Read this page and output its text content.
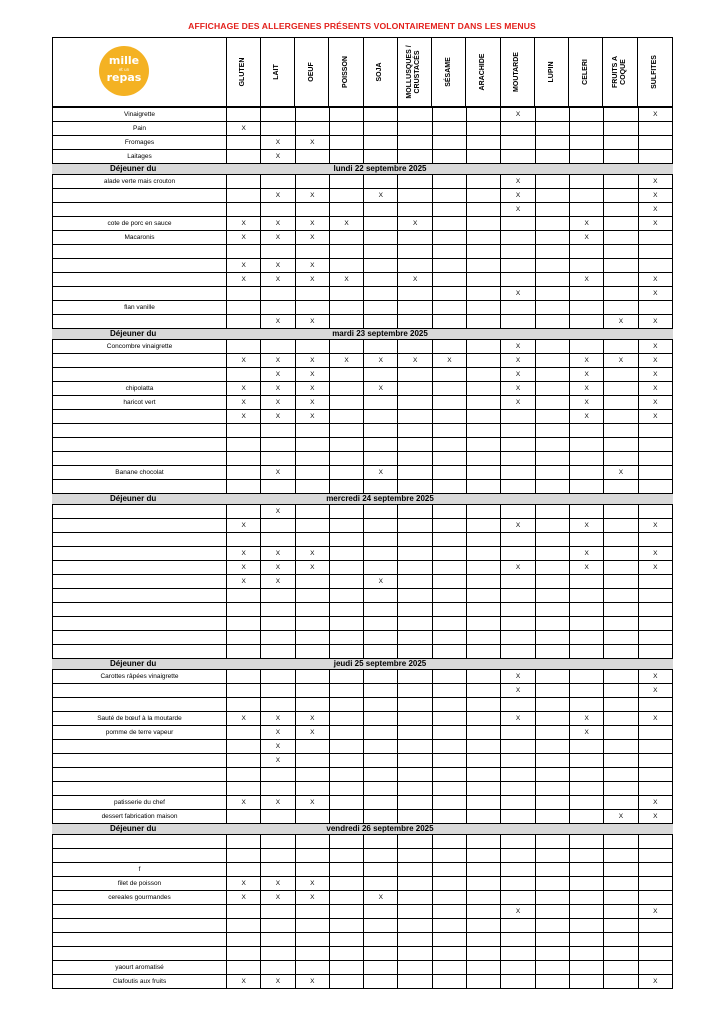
AFFICHAGE DES ALLERGENES PRÉSENTS VOLONTAIREMENT DANS LES MENUS
mille
et un
repas	GLUTEN	LAIT	OEUF	POISSON	SOJA	MOLLUSQUES /
CRUSTACÉS	SÉSAME	ARACHIDE	MOUTARDE	LUPIN	CELERI	FRUITS A
COQUE	SULFITES
Vinaigrette									X				X
Pain	X												
Fromages		X	X										
Laitages		X											
Déjeuner du	lundi 22 septembre 2025
alade verte mais crouton									X				X
		X	X		X				X				X
									X				X
cote de porc en sauce	X	X	X	X		X					X		X
Macaronis	X	X	X								X		

	X	X	X										
	X	X	X	X		X					X		X
									X				X
flan vanille													
		X	X									X	X
Déjeuner du	mardi 23 septembre 2025
Concombre vinaigrette									X				X
	X	X	X	X	X	X	X		X		X	X	X
		X	X						X		X		X
chipolatta	X	X	X		X				X		X		X
haricot vert	X	X	X						X		X		X
	X	X	X								X		X

Banane chocolat		X			X							X	

Déjeuner du	mercredi 24 septembre 2025
		X											
	X								X		X		X

	X	X	X								X		X
	X	X	X						X		X		X
	X	X			X								

Déjeuner du	jeudi 25 septembre 2025
Carottes râpées vinaigrette									X				X
									X				X

Sauté de bœuf à la moutarde	X	X	X						X		X		X
pomme de terre vapeur		X	X								X		
		X											
		X											

patisserie du chef	X	X	X										X
dessert fabrication maison												X	X
Déjeuner du	vendredi 26 septembre 2025

f													
filet de poisson	X	X	X										
cereales gourmandes	X	X	X		X								
									X				X

yaourt aromatisé													
Clafoutis aux fruits	X	X	X										X
